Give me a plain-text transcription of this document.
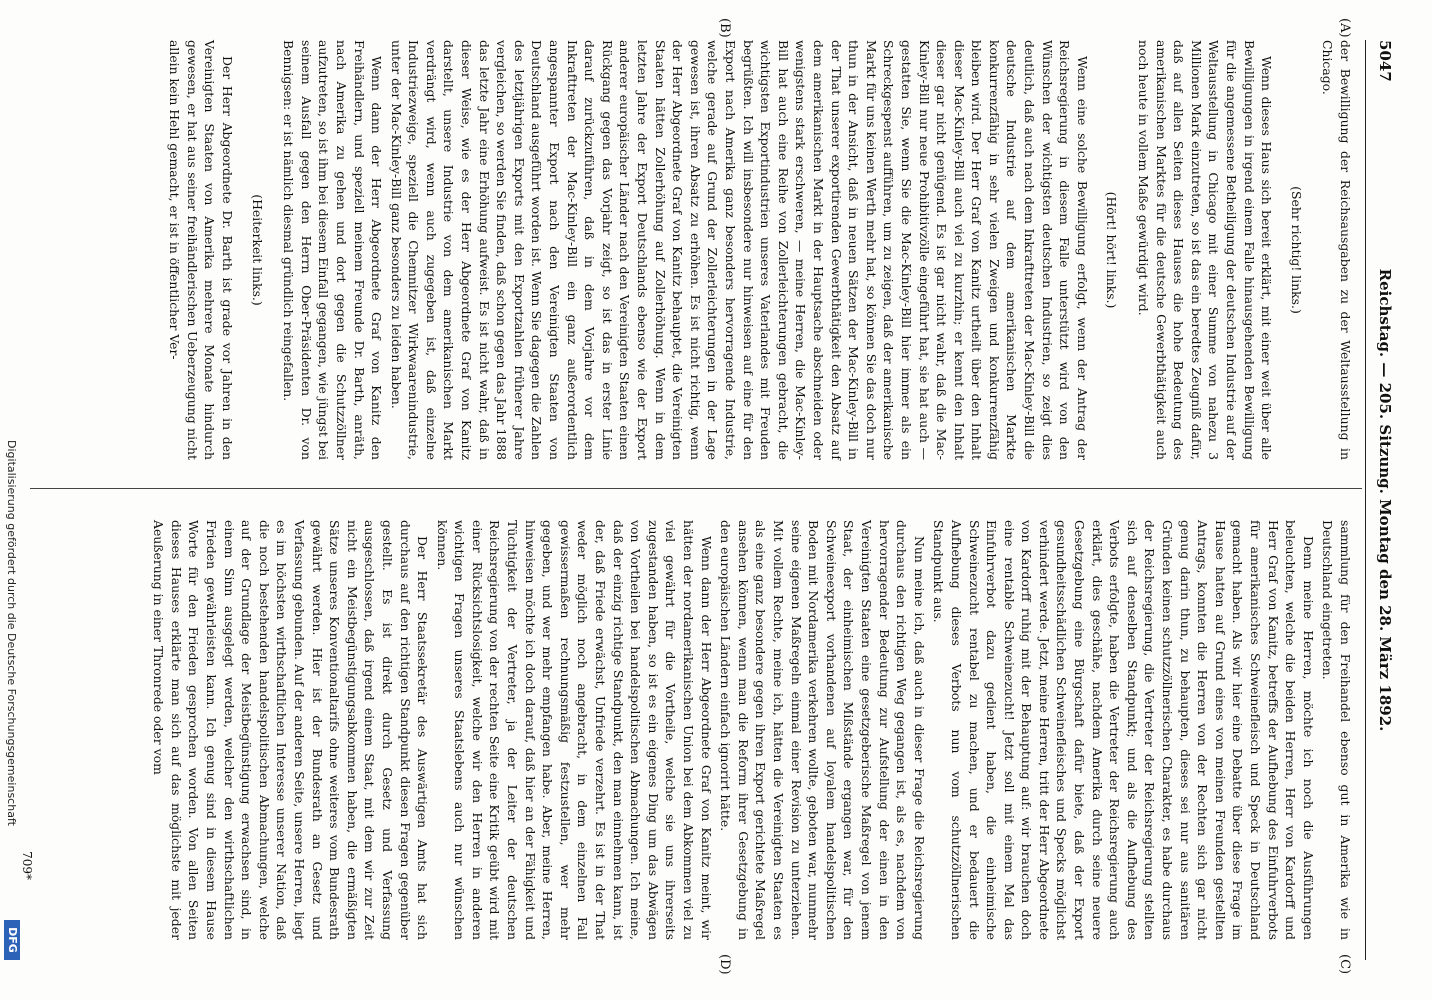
5047
Reichstag. — 205. Sitzung. Montag den 28. März 1892.
(A)
(B)
(C)
(D)

der Bewilligung der Reichsausgaben zu der Weltausstellung in Chicago.

(Sehr richtig! links.)

Wenn dieses Haus sich bereit erklärt, mit einer weit über alle Bewilligungen in irgend einem Falle hinausgehenden Bewilligung für die angemessene Betheiligung der deutschen Industrie auf der Weltausstellung in Chicago mit einer Summe von nahezu 3 Millionen Mark einzutreten, so ist das ein beredtes Zeugniß dafür, daß auf allen Seiten dieses Hauses die hohe Bedeutung des amerikanischen Marktes für die deutsche Gewerbthätigkeit auch noch heute in vollem Maße gewürdigt wird.

(Hört! hört! links.)

Wenn eine solche Bewilligung erfolgt, wenn der Antrag der Reichsregierung in diesem Falle unterstützt wird von den Wünschen der wichtigsten deutschen Industrien, so zeigt dies deutlich, daß auch nach dem Inkrafttreten der Mac-Kinley-Bill die deutsche Industrie auf dem amerikanischen Markte konkurrenzfähig in sehr vielen Zweigen und konkurrenzfähig bleiben wird. Der Herr Graf von Kanitz urtheilt über den Inhalt dieser Mac-Kinley-Bill auch viel zu kurzhin; er kennt den Inhalt dieser gar nicht genügend. Es ist gar nicht wahr, daß die Mac-Kinley-Bill nur neue Prohibitivzölle eingeführt hat, sie hat auch — gestatten Sie, wenn Sie die Mac-Kinley-Bill hier immer als ein Schreckgespenst aufführen, um zu zeigen, daß der amerikanische Markt für uns keinen Werth mehr hat, so können Sie das doch nur thun in der Ansicht, daß in neuen Sätzen der Mac-Kinley-Bill in der That unserer exportirenden Gewerbthätigkeit den Absatz auf dem amerikanischen Markt in der Hauptsache abschneiden oder wenigstens stark erschweren, — meine Herren, die Mac-Kinley-Bill hat auch eine Reihe von Zollerleichterungen gebracht, die wichtigsten Exportindustrien unseres Vaterlandes mit Freuden begrüßten. Ich will insbesondere nur hinweisen auf eine für den Export nach Amerika ganz besonders hervorragende Industrie, welche gerade auf Grund der Zollerleichterungen in der Lage gewesen ist, ihren Absatz zu erhöhen. Es ist nicht richtig, wenn der Herr Abgeordnete Graf von Kanitz behauptet, die Vereinigten Staaten hätten Zollerhöhung auf Zollerhöhung. Wenn in dem letzten Jahre der Export Deutschlands ebenso wie der Export anderer europäischer Länder nach den Vereinigten Staaten einen Rückgang gegen das Vorjahr zeigt, so ist das in erster Linie darauf zurückzuführen, daß in dem Vorjahre vor dem Inkrafttreten der Mac-Kinley-Bill ein ganz außerordentlich angespannter Export nach den Vereinigten Staaten von Deutschland ausgeführt worden ist. Wenn Sie dagegen die Zahlen des letztjährigen Exports mit den Exportzahlen früherer Jahre vergleichen, so werden Sie finden, daß schon gegen das Jahr 1888 das letzte Jahr eine Erhöhung aufweist. Es ist nicht wahr, daß in dieser Weise, wie es der Herr Abgeordnete Graf von Kanitz darstellt, unsere Industrie von dem amerikanischen Markt verdrängt wird, wenn auch zugegeben ist, daß einzelne Industriezweige, speziell die Chemnitzer Wirkwaarenindustrie, unter der Mac-Kinley-Bill ganz besonders zu leiden haben.

Wenn dann der Herr Abgeordnete Graf von Kanitz den Freihändlern, und speziell meinem Freunde Dr. Barth, anräth, nach Amerika zu gehen und dort gegen die Schutzzöllner aufzutreten, so ist ihm bei diesem Einfall gegangen, wie jüngst bei seinem Ausfall gegen den Herrn Ober-Präsidenten Dr. von Bennigsen: er ist nämlich diesmal gründlich reingefallen.

(Heiterkeit links.)

Der Herr Abgeordnete Dr. Barth ist grade vor Jahren in den Vereinigten Staaten von Amerika mehrere Monate hindurch gewesen, er hat aus seiner freihändlerischen Ueberzeugung nicht allein kein Hehl gemacht, er ist in öffentlicher Ver-

sammlung für den Freihandel ebenso gut in Amerika wie in Deutschland eingetreten.

Denn meine Herren, möchte ich noch die Ausführungen beleuchten, welche die beiden Herren, Herr von Kardorff und Herr Graf von Kanitz, betreffs der Aufhebung des Einfuhrverbots für amerikanisches Schweinefleisch und Speck in Deutschland gemacht haben. Als wir hier eine Debatte über diese Frage im Hause hatten auf Grund eines von meinen Freunden gestellten Antrags, konnten die Herren von der Rechten sich gar nicht genug darin thun, zu behaupten, dieses sei nur aus sanitären Gründen keinen schutzzöllnerischen Charakter, es habe durchaus der Reichsregierung, die Vertreter der Reichsregierung stellten sich auf denselben Standpunkt; und als die Aufhebung des Verbots erfolgte, haben die Vertreter der Reichsregierung auch erklärt, dies geschähe, nachdem Amerika durch seine neuere Gesetzgebung eine Bürgschaft dafür biete, daß der Export gesundheitsschädlichen Schweinefleisches und Specks möglichst verhindert werde. Jetzt, meine Herren, tritt der Herr Abgeordnete von Kardorff ruhig mit der Behauptung auf: wir brauchen doch eine rentable Schweinezucht! Jetzt soll mit einem Mal das Einfuhrverbot dazu gedient haben, die einheimische Schweinezucht rentabel zu machen, und er bedauert die Aufhebung dieses Verbots nun vom schutzzöllnerischen Standpunkt aus.

Nun meine ich, daß auch in dieser Frage die Reichsregierung durchaus den richtigen Weg gegangen ist, als es, nachdem von hervorragender Bedeutung zur Aufstellung der einen in den Vereinigten Staaten eine gesetzgeberische Maßregel von jenem Staat, der einheimischen Mißstände ergangen war, für den Schweineexport vorhandenen auf loyalem handelspolitischen Boden mit Nordamerika verkehren wollte, geboten war, nunmehr seine eigenen Maßregeln einmal einer Revision zu unterziehen. Mit vollem Rechte, meine ich, hätten die Vereinigten Staaten es als eine ganz besondere gegen ihren Export gerichtete Maßregel ansehen können, wenn man die Reform ihrer Gesetzgebung in den europäischen Ländern einfach ignorirt hätte.

Wenn dann der Herr Abgeordnete Graf von Kanitz meint, wir hätten der nordamerikanischen Union bei dem Abkommen viel zu viel gewährt für die Vortheile, welche sie uns ihrerseits zugestanden haben, so ist es ein eigenes Ding um das Abwägen von Vortheilen bei handelspolitischen Abmachungen. Ich meine, daß der einzig richtige Standpunkt, den man einnehmen kann, ist der, daß Friede erwächst, Unfriede verzehrt. Es ist in der That weder möglich noch angebracht, in dem einzelnen Fall gewissermaßen rechnungsmäßig festzustellen, wer mehr gegeben, und wer mehr empfangen habe. Aber, meine Herren, hinweisen möchte ich doch darauf, daß hier an der Fähigkeit und Tüchtigkeit der Vertreter, ja der Leiter der deutschen Reichsregierung von der rechten Seite eine Kritik geübt wird mit einer Rücksichtslosigkeit, welche wir den Herren in anderen wichtigen Fragen unseres Staatslebens auch nur wünschen können.

Der Herr Staatssekretär des Auswärtigen Amts hat sich durchaus auf den richtigen Standpunkt diesen Fragen gegenüber gestellt. Es ist direkt durch Gesetz und Verfassung ausgeschlossen, daß irgend einem Staat, mit dem wir zur Zeit nicht ein Meistbegünstigungsabkommen haben, die ermäßigten Sätze unseres Konventionaltarifs ohne weiteres vom Bundesrath gewährt werden. Hier ist der Bundesrath an Gesetz und Verfassung gebunden. Auf der anderen Seite, unsere Herren, liegt es im höchsten wirthschaftlichen Interesse unserer Nation, daß die noch bestehenden handelspolitischen Abmachungen, welche auf der Grundlage der Meistbegünstigung erwachsen sind, in einem Sinn ausgelegt werden, welcher den wirthschaftlichen Frieden gewährleisten kann. Ich genug sind in diesem Hause Worte für den Frieden gesprochen worden. Von allen Seiten dieses Hauses erklärte man sich auf das möglichste mit jeder Aeußerung in einer Thronrede oder vom

709*
Digitalisierung gefördert durch die Deutsche Forschungsgemeinschaft
DFG
